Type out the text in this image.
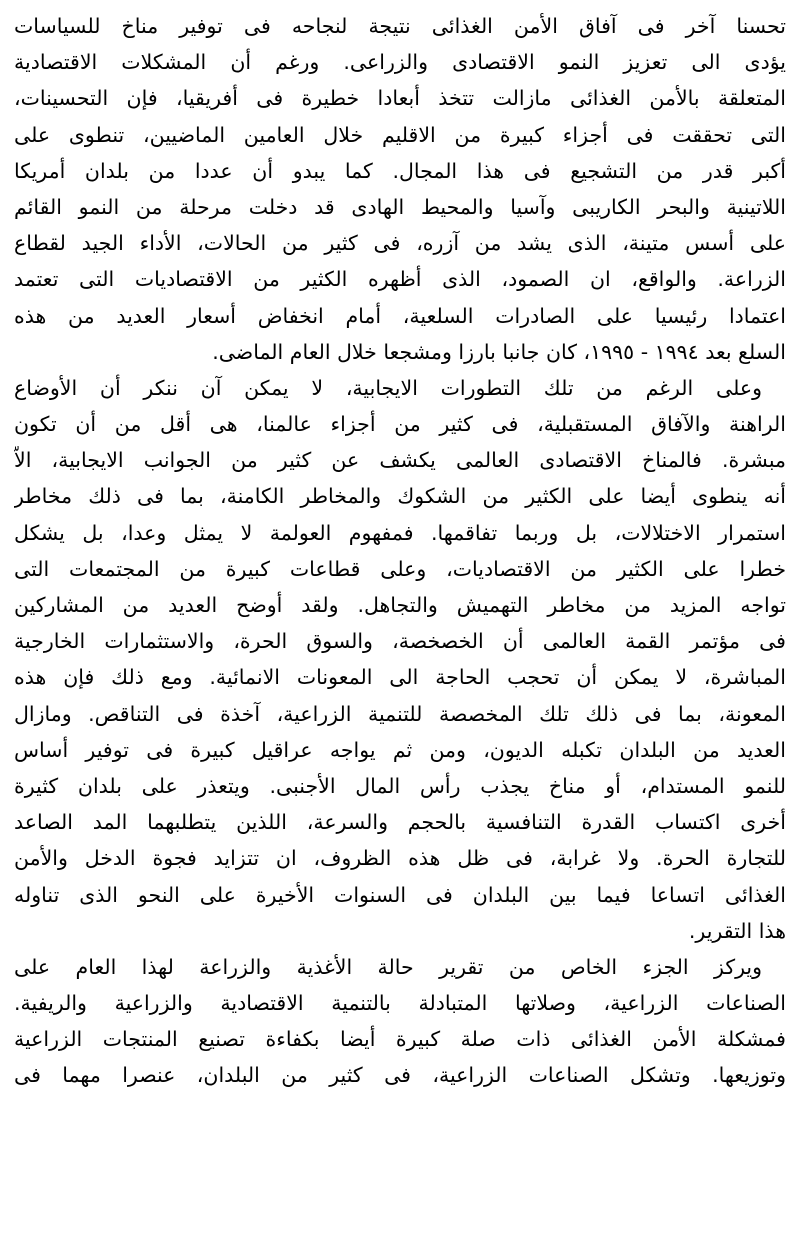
تحسنا آخر فى آفاق الأمن الغذائى نتيجة لنجاحه فى توفير مناخ للسياسات
يؤدى الى تعزيز النمو الاقتصادى والزراعى. ورغم أن المشكلات الاقتصادية
المتعلقة بالأمن الغذائى مازالت تتخذ أبعادا خطيرة فى أفريقيا، فإن التحسينات،
التى تحققت فى أجزاء كبيرة من الاقليم خلال العامين الماضيين، تنطوى على
أكبر قدر من التشجيع فى هذا المجال. كما يبدو أن عددا من بلدان أمريكا
اللاتينية والبحر الكاريبى وآسيا والمحيط الهادى قد دخلت مرحلة من النمو القائم
على أسس متينة، الذى يشد من آزره، فى كثير من الحالات، الأداء الجيد لقطاع
الزراعة. والواقع، ان الصمود، الذى أظهره الكثير من الاقتصاديات التى تعتمد
اعتمادا رئيسيا على الصادرات السلعية، أمام انخفاض أسعار العديد من هذه
السلع بعد ١٩٩٤ - ١٩٩٥، كان جانبا بارزا ومشجعا خلال العام الماضى.

وعلى الرغم من تلك التطورات الايجابية، لا يمكن آن ننكر أن الأوضاع
الراهنة والآفاق المستقبلية، فى كثير من أجزاء عالمنا، هى أقل من أن تكون
مبشرة. فالمناخ الاقتصادى العالمى يكشف عن كثير من الجوانب الايجابية، الاّ
أنه ينطوى أيضا على الكثير من الشكوك والمخاطر الكامنة، بما فى ذلك مخاطر
استمرار الاختلالات، بل وربما تفاقمها. فمفهوم العولمة لا يمثل وعدا، بل يشكل
خطرا على الكثير من الاقتصاديات، وعلى قطاعات كبيرة من المجتمعات التى
تواجه المزيد من مخاطر التهميش والتجاهل. ولقد أوضح العديد من المشاركين
فى مؤتمر القمة العالمى أن الخصخصة، والسوق الحرة، والاستثمارات الخارجية
المباشرة، لا يمكن أن تحجب الحاجة الى المعونات الانمائية. ومع ذلك فإن هذه
المعونة، بما فى ذلك تلك المخصصة للتنمية الزراعية، آخذة فى التناقص. ومازال
العديد من البلدان تكبله الديون، ومن ثم يواجه عراقيل كبيرة فى توفير أساس
للنمو المستدام، أو مناخ يجذب رأس المال الأجنبى. ويتعذر على بلدان كثيرة
أخرى اكتساب القدرة التنافسية بالحجم والسرعة، اللذين يتطلبهما المد الصاعد
للتجارة الحرة. ولا غرابة، فى ظل هذه الظروف، ان تتزايد فجوة الدخل والأمن
الغذائى اتساعا فيما بين البلدان فى السنوات الأخيرة على النحو الذى تناوله
هذا التقرير.

ويركز الجزء الخاص من تقرير حالة الأغذية والزراعة لهذا العام على
الصناعات الزراعية، وصلاتها المتبادلة بالتنمية الاقتصادية والزراعية والريفية.
فمشكلة الأمن الغذائى ذات صلة كبيرة أيضا بكفاءة تصنيع المنتجات الزراعية
وتوزيعها. وتشكل الصناعات الزراعية، فى كثير من البلدان، عنصرا مهما فى
